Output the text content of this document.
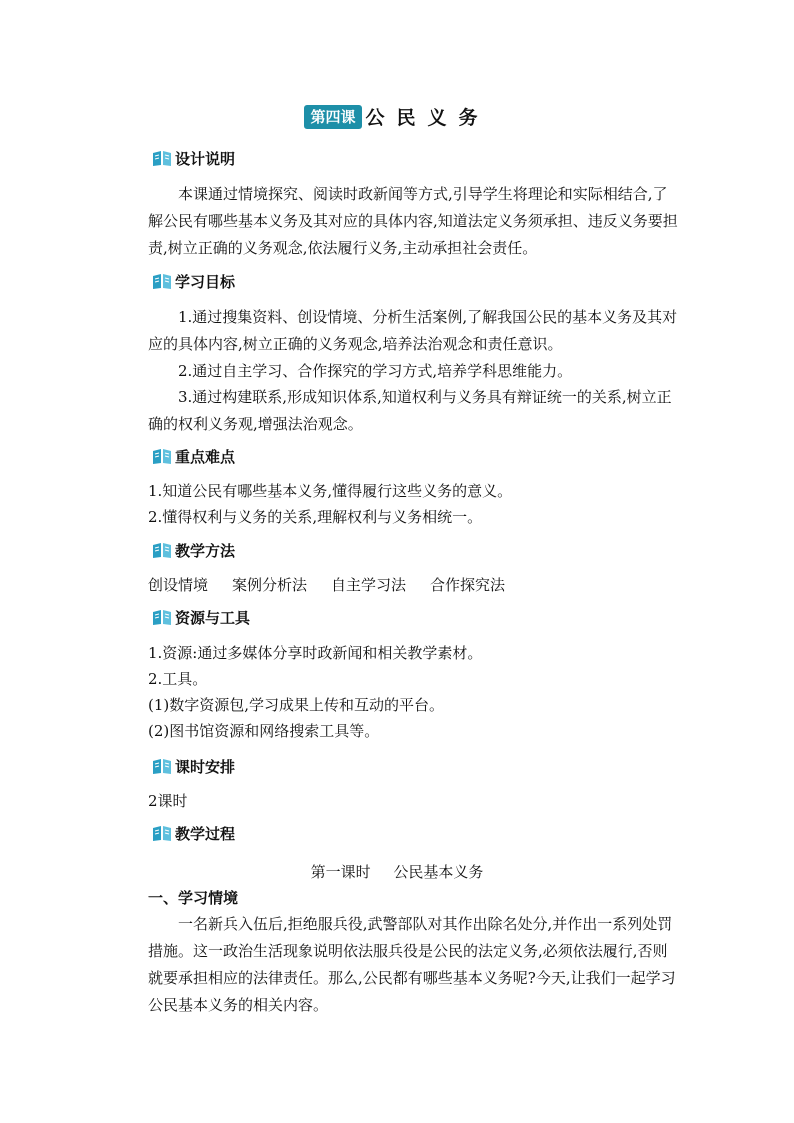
第四课 公民义务
设计说明

本课通过情境探究、阅读时政新闻等方式,引导学生将理论和实际相结合,了解公民有哪些基本义务及其对应的具体内容,知道法定义务须承担、违反义务要担责,树立正确的义务观念,依法履行义务,主动承担社会责任。

学习目标

1.通过搜集资料、创设情境、分析生活案例,了解我国公民的基本义务及其对应的具体内容,树立正确的义务观念,培养法治观念和责任意识。

2.通过自主学习、合作探究的学习方式,培养学科思维能力。

3.通过构建联系,形成知识体系,知道权利与义务具有辩证统一的关系,树立正确的权利义务观,增强法治观念。

重点难点

1.知道公民有哪些基本义务,懂得履行这些义务的意义。

2.懂得权利与义务的关系,理解权利与义务相统一。

教学方法
创设情境 案例分析法 自主学习法 合作探究法
资源与工具

1.资源:通过多媒体分享时政新闻和相关教学素材。

2.工具。

(1)数字资源包,学习成果上传和互动的平台。

(2)图书馆资源和网络搜索工具等。

课时安排

2课时

教学过程
第一课时 公民基本义务
一、学习情境

一名新兵入伍后,拒绝服兵役,武警部队对其作出除名处分,并作出一系列处罚措施。这一政治生活现象说明依法服兵役是公民的法定义务,必须依法履行,否则就要承担相应的法律责任。那么,公民都有哪些基本义务呢?今天,让我们一起学习公民基本义务的相关内容。
